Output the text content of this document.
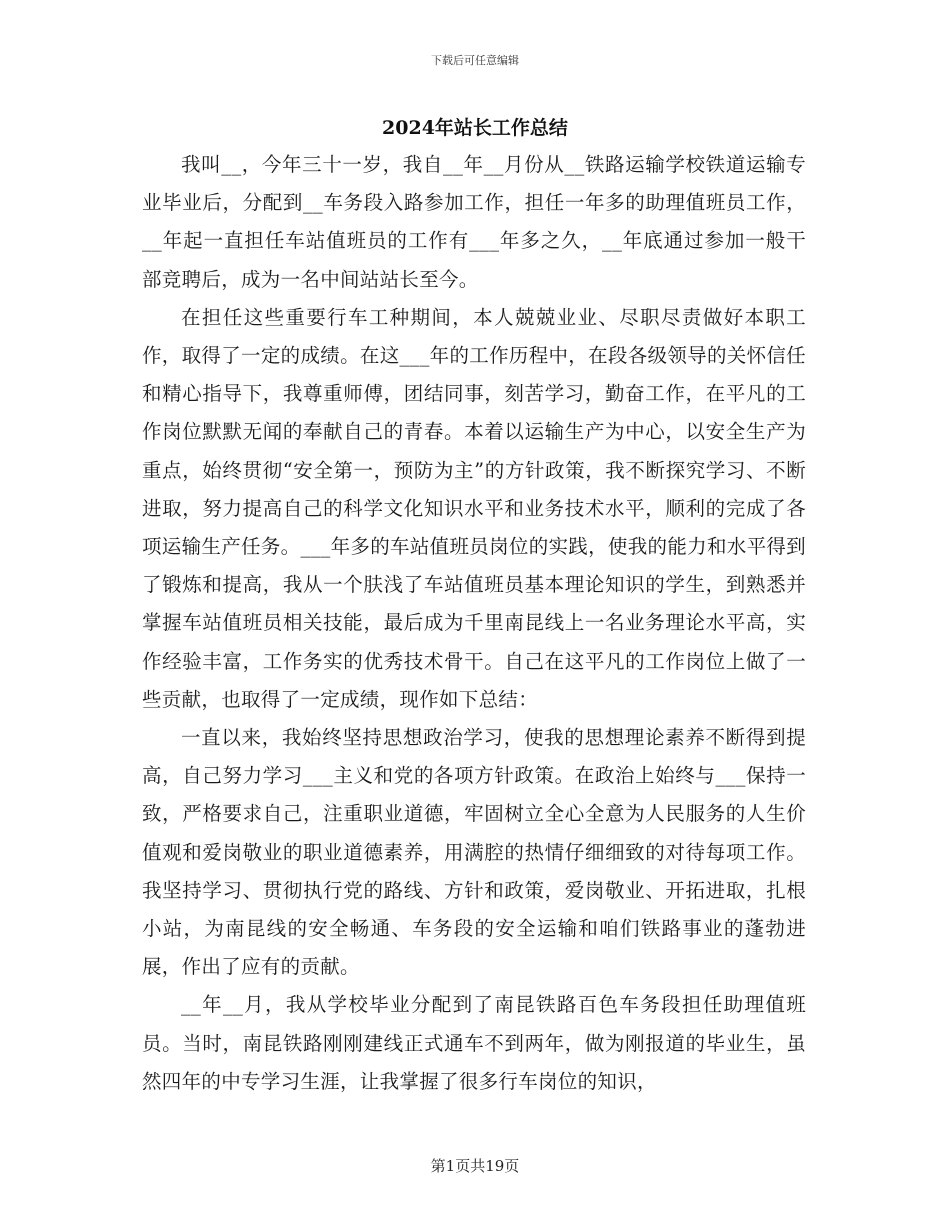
下载后可任意编辑
2024年站长工作总结

我叫__，今年三十一岁，我自__年__月份从__铁路运输学校铁道运输专业毕业后，分配到__车务段入路参加工作，担任一年多的助理值班员工作，__年起一直担任车站值班员的工作有___年多之久，__年底通过参加一般干部竞聘后，成为一名中间站站长至今。

在担任这些重要行车工种期间，本人兢兢业业、尽职尽责做好本职工作，取得了一定的成绩。在这___年的工作历程中，在段各级领导的关怀信任和精心指导下，我尊重师傅，团结同事，刻苦学习，勤奋工作，在平凡的工作岗位默默无闻的奉献自己的青春。本着以运输生产为中心，以安全生产为重点，始终贯彻“安全第一，预防为主”的方针政策，我不断探究学习、不断进取，努力提高自己的科学文化知识水平和业务技术水平，顺利的完成了各项运输生产任务。___年多的车站值班员岗位的实践，使我的能力和水平得到了锻炼和提高，我从一个肤浅了车站值班员基本理论知识的学生，到熟悉并掌握车站值班员相关技能，最后成为千里南昆线上一名业务理论水平高，实作经验丰富，工作务实的优秀技术骨干。自己在这平凡的工作岗位上做了一些贡献，也取得了一定成绩，现作如下总结：

一直以来，我始终坚持思想政治学习，使我的思想理论素养不断得到提高，自己努力学习___主义和党的各项方针政策。在政治上始终与___保持一致，严格要求自己，注重职业道德，牢固树立全心全意为人民服务的人生价值观和爱岗敬业的职业道德素养，用满腔的热情仔细细致的对待每项工作。我坚持学习、贯彻执行党的路线、方针和政策，爱岗敬业、开拓进取，扎根小站，为南昆线的安全畅通、车务段的安全运输和咱们铁路事业的蓬勃进展，作出了应有的贡献。

__年__月，我从学校毕业分配到了南昆铁路百色车务段担任助理值班员。当时，南昆铁路刚刚建线正式通车不到两年，做为刚报道的毕业生，虽然四年的中专学习生涯，让我掌握了很多行车岗位的知识，

第1页共19页
